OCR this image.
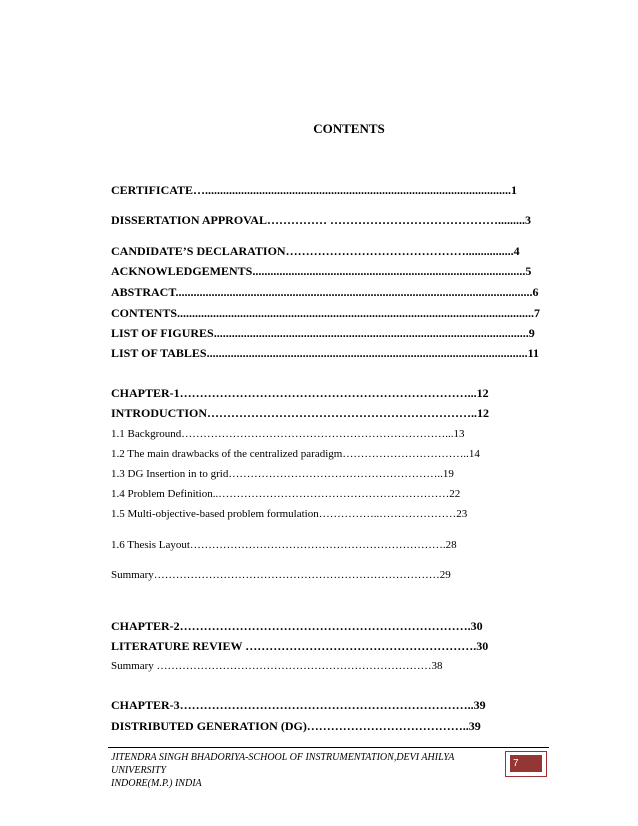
CONTENTS
CERTIFICATE…......................................................................................................1
DISSERTATION APPROVAL…………… …………………………………….........3
CANDIDATE’S DECLARATION………………………………………................4
ACKNOWLEDGEMENTS...........................................................................................5
ABSTRACT.......................................................................................................................6
CONTENTS.......................................................................................................................7
LIST OF FIGURES.........................................................................................................9
LIST OF TABLES...........................................................................................................11
CHAPTER-1………………………………………………………………...12
INTRODUCTION…………………………………………………………..12
1.1 Background………………………………………………………………...13
1.2 The main drawbacks of the centralized paradigm……………………………..14
1.3 DG Insertion in to grid…………………………………………………..19
1.4 Problem Definition..………………………………………………………22
1.5 Multi-objective-based problem formulation……………..…………………23
1.6 Thesis Layout…………………………………………………………….28
Summary……………………………………………………………………29
CHAPTER-2……………………………………………………………….30
LITERATURE REVIEW ………………………………………………….30
Summary …………………………………………………………………38
CHAPTER-3………………………………………………………………..39
DISTRIBUTED GENERATION (DG)…………………………………..39
JITENDRA SINGH BHADORIYA-SCHOOL OF INSTRUMENTATION,DEVI AHILYA UNIVERSITY
INDORE(M.P.) INDIA
7
